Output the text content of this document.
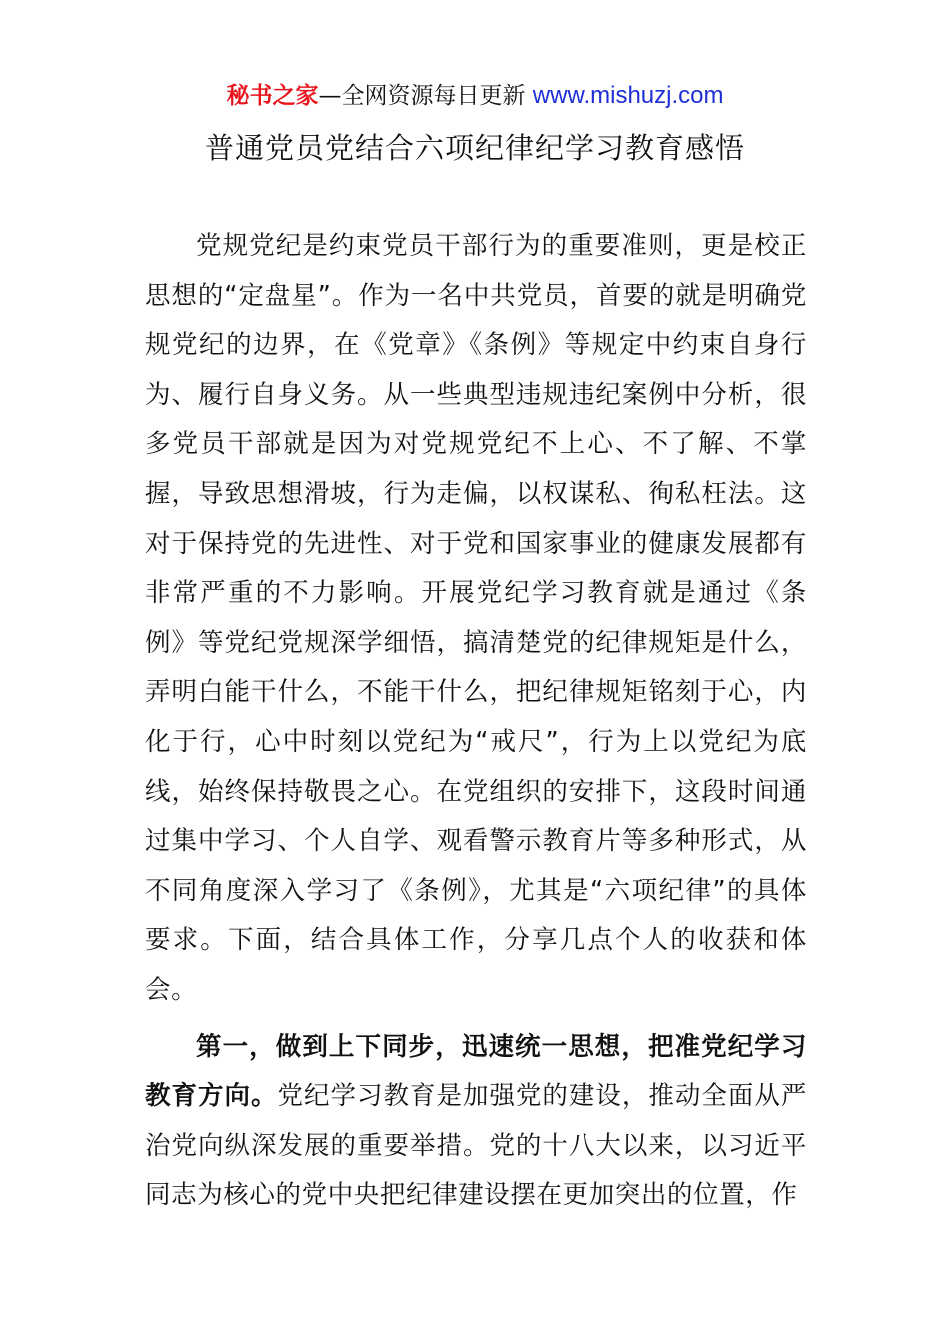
秘书之家—全网资源每日更新 www.mishuzj.com
普通党员党结合六项纪律纪学习教育感悟

党规党纪是约束党员干部行为的重要准则，更是校正思想的“定盘星”。作为一名中共党员，首要的就是明确党规党纪的边界，在《党章》《条例》等规定中约束自身行为、履行自身义务。从一些典型违规违纪案例中分析，很多党员干部就是因为对党规党纪不上心、不了解、不掌握，导致思想滑坡，行为走偏，以权谋私、徇私枉法。这对于保持党的先进性、对于党和国家事业的健康发展都有非常严重的不力影响。开展党纪学习教育就是通过《条例》等党纪党规深学细悟，搞清楚党的纪律规矩是什么，弄明白能干什么，不能干什么，把纪律规矩铭刻于心，内化于行，心中时刻以党纪为“戒尺”，行为上以党纪为底线，始终保持敬畏之心。在党组织的安排下，这段时间通过集中学习、个人自学、观看警示教育片等多种形式，从不同角度深入学习了《条例》，尤其是“六项纪律”的具体要求。下面，结合具体工作，分享几点个人的收获和体会。

第一，做到上下同步，迅速统一思想，把准党纪学习教育方向。党纪学习教育是加强党的建设，推动全面从严治党向纵深发展的重要举措。党的十八大以来，以习近平同志为核心的党中央把纪律建设摆在更加突出的位置，作
